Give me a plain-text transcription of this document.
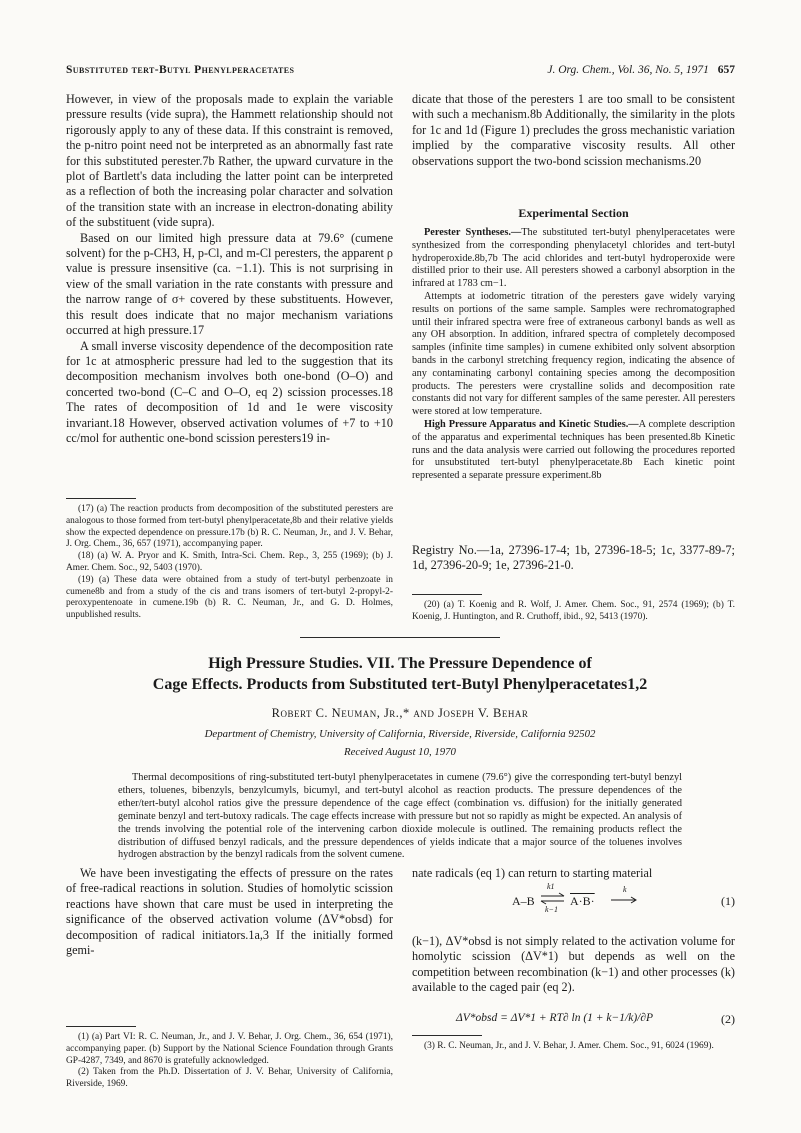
Substituted tert-Butyl Phenylperacetates	J. Org. Chem., Vol. 36, No. 5, 1971 657

However, in view of the proposals made to explain the variable pressure results (vide supra), the Hammett relationship should not rigorously apply to any of these data. If this constraint is removed, the p-nitro point need not be interpreted as an abnormally fast rate for this substituted perester.7b Rather, the upward curvature in the plot of Bartlett's data including the latter point can be interpreted as a reflection of both the increasing polar character and solvation of the transition state with an increase in electron-donating ability of the substituent (vide supra).

Based on our limited high pressure data at 79.6° (cumene solvent) for the p-CH3, H, p-Cl, and m-Cl peresters, the apparent ρ value is pressure insensitive (ca. −1.1). This is not surprising in view of the small variation in the rate constants with pressure and the narrow range of σ+ covered by these substituents. However, this result does indicate that no major mechanism variations occurred at high pressure.17

A small inverse viscosity dependence of the decomposition rate for 1c at atmospheric pressure had led to the suggestion that its decomposition mechanism involves both one-bond (O–O) and concerted two-bond (C–C and O–O, eq 2) scission processes.18 The rates of decomposition of 1d and 1e were viscosity invariant.18 However, observed activation volumes of +7 to +10 cc/mol for authentic one-bond scission peresters19 in-

(17) (a) The reaction products from decomposition of the substituted peresters are analogous to those formed from tert-butyl phenylperacetate,8b and their relative yields show the expected dependence on pressure.17b (b) R. C. Neuman, Jr., and J. V. Behar, J. Org. Chem., 36, 657 (1971), accompanying paper.

(18) (a) W. A. Pryor and K. Smith, Intra-Sci. Chem. Rep., 3, 255 (1969); (b) J. Amer. Chem. Soc., 92, 5403 (1970).

(19) (a) These data were obtained from a study of tert-butyl perbenzoate in cumene8b and from a study of the cis and trans isomers of tert-butyl 2-propyl-2-peroxypentenoate in cumene.19b (b) R. C. Neuman, Jr., and G. D. Holmes, unpublished results.

dicate that those of the peresters 1 are too small to be consistent with such a mechanism.8b Additionally, the similarity in the plots for 1c and 1d (Figure 1) precludes the gross mechanistic variation implied by the comparative viscosity results. All other observations support the two-bond scission mechanisms.20

Experimental Section

Perester Syntheses.—The substituted tert-butyl phenylperacetates were synthesized from the corresponding phenylacetyl chlorides and tert-butyl hydroperoxide.8b,7b The acid chlorides and tert-butyl hydroperoxide were distilled prior to their use. All peresters showed a carbonyl absorption in the infrared at 1783 cm−1.

Attempts at iodometric titration of the peresters gave widely varying results on portions of the same sample. Samples were rechromatographed until their infrared spectra were free of extraneous carbonyl bands as well as any OH absorption. In addition, infrared spectra of completely decomposed samples (infinite time samples) in cumene exhibited only solvent absorption bands in the carbonyl stretching frequency region, indicating the absence of any contaminating carbonyl containing species among the decomposition products. The peresters were crystalline solids and decomposition rate constants did not vary for different samples of the same perester. All peresters were stored at low temperature.

High Pressure Apparatus and Kinetic Studies.—A complete description of the apparatus and experimental techniques has been presented.8b Kinetic runs and the data analysis were carried out following the procedures reported for unsubstituted tert-butyl phenylperacetate.8b Each kinetic point represented a separate pressure experiment.8b

Registry No.—1a, 27396-17-4; 1b, 27396-18-5; 1c, 3377-89-7; 1d, 27396-20-9; 1e, 27396-21-0.

(20) (a) T. Koenig and R. Wolf, J. Amer. Chem. Soc., 91, 2574 (1969); (b) T. Koenig, J. Huntington, and R. Cruthoff, ibid., 92, 5413 (1970).

High Pressure Studies. VII. The Pressure Dependence of
Cage Effects. Products from Substituted tert-Butyl Phenylperacetates1,2
Robert C. Neuman, Jr.,* and Joseph V. Behar
Department of Chemistry, University of California, Riverside, Riverside, California 92502
Received August 10, 1970

Thermal decompositions of ring-substituted tert-butyl phenylperacetates in cumene (79.6°) give the corresponding tert-butyl benzyl ethers, toluenes, bibenzyls, benzylcumyls, bicumyl, and tert-butyl alcohol as reaction products. The pressure dependences of the ether/tert-butyl alcohol ratios give the pressure dependence of the cage effect (combination vs. diffusion) for the initially generated geminate benzyl and tert-butoxy radicals. The cage effects increase with pressure but not so rapidly as might be expected. An analysis of the trends involving the potential role of the intervening carbon dioxide molecule is outlined. The remaining products reflect the distribution of diffused benzyl radicals, and the pressure dependences of yields indicate that a major source of the toluenes involves hydrogen abstraction by the benzyl radicals from the solvent cumene.

We have been investigating the effects of pressure on the rates of free-radical reactions in solution. Studies of homolytic scission reactions have shown that care must be used in interpreting the significance of the observed activation volume (ΔV*obsd) for decomposition of radical initiators.1a,3 If the initially formed gemi-

(1) (a) Part VI: R. C. Neuman, Jr., and J. V. Behar, J. Org. Chem., 36, 654 (1971), accompanying paper. (b) Support by the National Science Foundation through Grants GP-4287, 7349, and 8670 is gratefully acknowledged.

(2) Taken from the Ph.D. Dissertation of J. V. Behar, University of California, Riverside, 1969.

nate radicals (eq 1) can return to starting material

A–B
k1
k−1
A·B·
k
(1)

(k−1), ΔV*obsd is not simply related to the activation volume for homolytic scission (ΔV*1) but depends as well on the competition between recombination (k−1) and other processes (k) available to the caged pair (eq 2).

ΔV*obsd = ΔV*1 + RT∂ ln (1 + k−1/k)/∂P	(2)

(3) R. C. Neuman, Jr., and J. V. Behar, J. Amer. Chem. Soc., 91, 6024 (1969).
